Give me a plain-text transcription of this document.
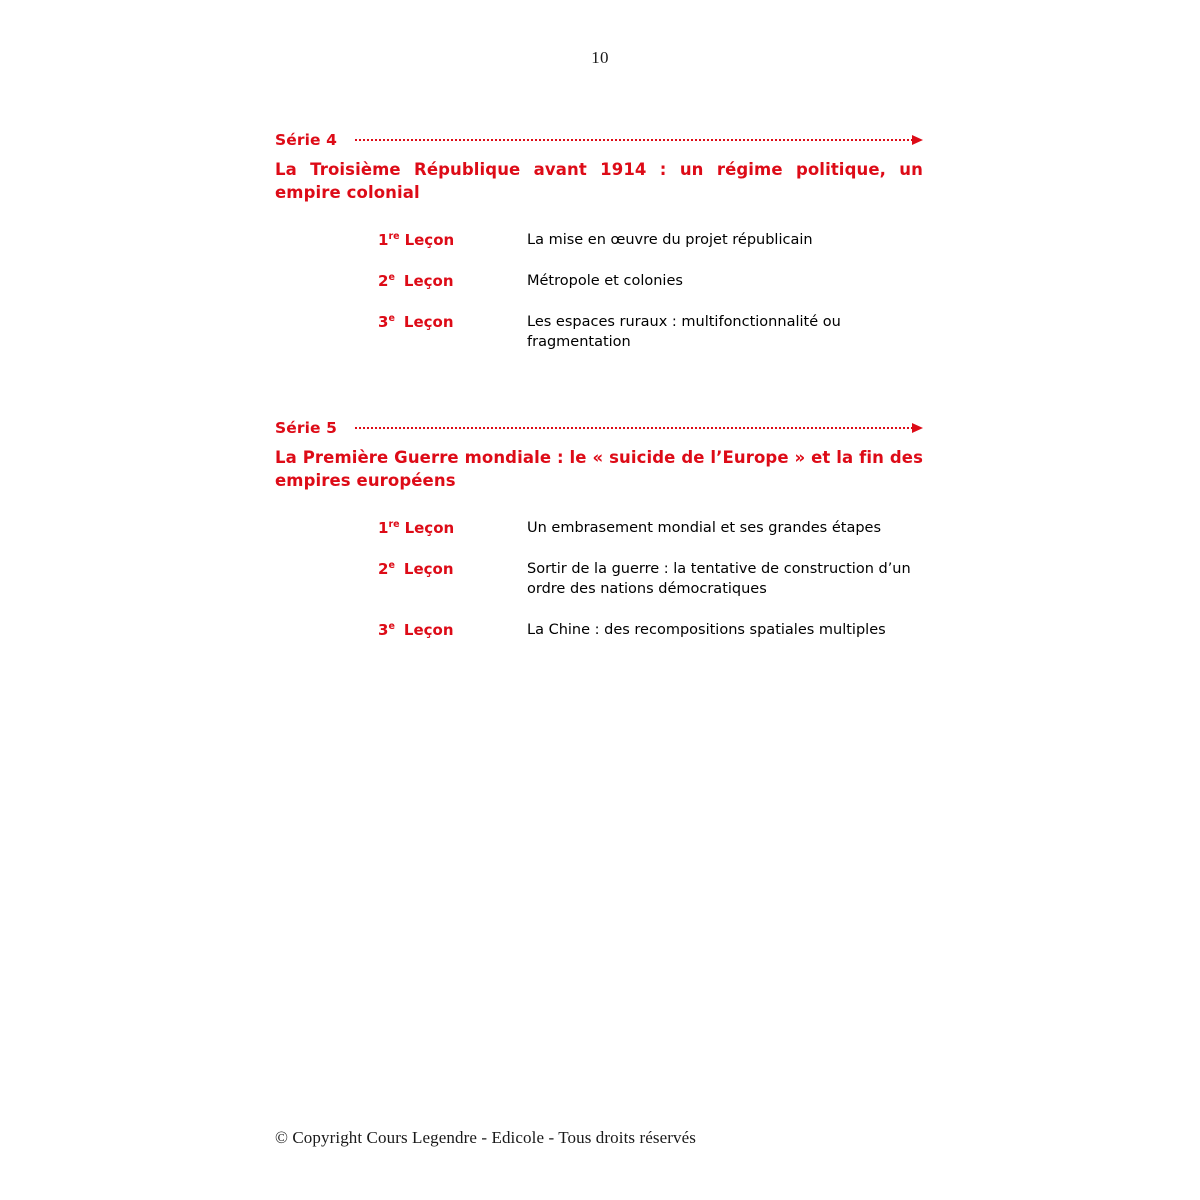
10
Série 4
La Troisième République avant 1914 : un régime politique, un empire colonial
1re Leçon	La mise en œuvre du projet républicain
2e Leçon	Métropole et colonies
3e Leçon	Les espaces ruraux : multifonctionnalité ou fragmentation
Série 5
La Première Guerre mondiale : le « suicide de l’Europe » et la fin des empires européens
1re Leçon	Un embrasement mondial et ses grandes étapes
2e Leçon	Sortir de la guerre : la tentative de construction d’un ordre des nations démocratiques
3e Leçon	La Chine : des recompositions spatiales multiples
© Copyright Cours Legendre - Edicole - Tous droits réservés
